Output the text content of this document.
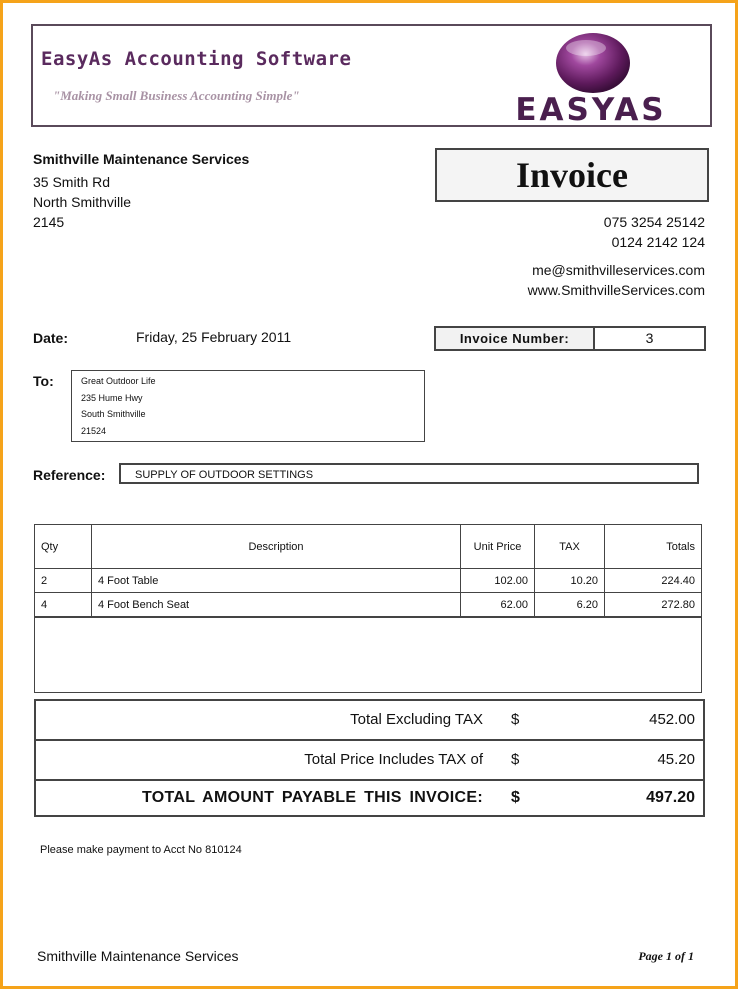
EasyAs Accounting Software
"Making Small Business Accounting Simple"	EASYAS
Smithville Maintenance Services
35 Smith Rd
North Smithville
2145
Invoice
075 3254 25142
0124 2142 124
me@smithvilleservices.com
www.SmithvilleServices.com
Date:	Friday, 25 February 2011	Invoice Number:	3
To:	Great Outdoor Life
235 Hume Hwy
South Smithville
21524
Reference:	SUPPLY OF OUTDOOR SETTINGS
Qty	Description	Unit Price	TAX	Totals
2	4 Foot Table	102.00	10.20	224.40
4	4 Foot Bench Seat	62.00	6.20	272.80

Total Excluding TAX $	452.00
Total Price Includes TAX of $	45.20
TOTAL AMOUNT PAYABLE THIS INVOICE: $	497.20
Please make payment to Acct No 810124
Smithville Maintenance Services	Page 1 of 1
